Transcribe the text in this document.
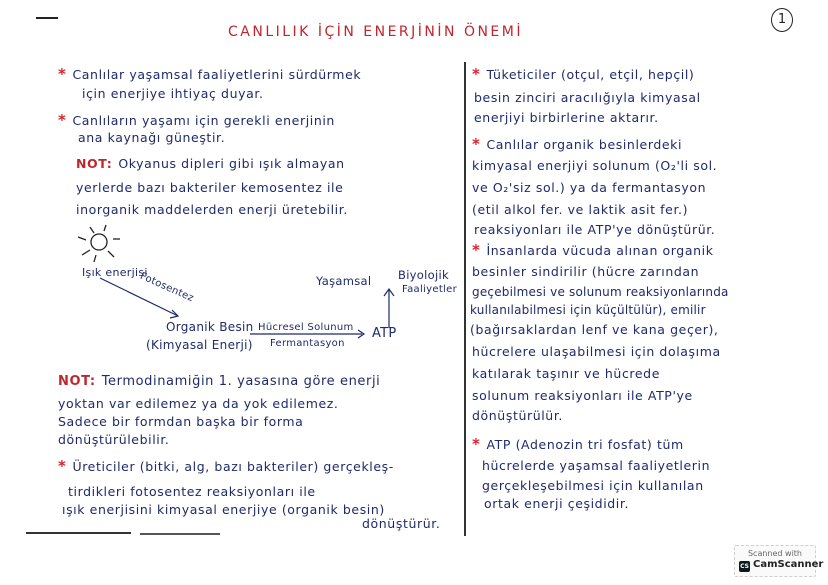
CANLILIK İÇİN ENERJİNİN ÖNEMİ
1
* Canlılar yaşamsal faaliyetlerini sürdürmek
için enerjiye ihtiyaç duyar.
* Canlıların yaşamı için gerekli enerjinin
ana kaynağı güneştir.
NOT: Okyanus dipleri gibi ışık almayan
yerlerde bazı bakteriler kemosentez ile
inorganik maddelerden enerji üretebilir.
Işık enerjisi
Fotosentez
Organik Besin
(Kimyasal Enerji)
Hücresel Solunum
Fermantasyon
ATP
Yaşamsal Biyolojik
Faaliyetler
NOT: Termodinamiğin 1. yasasına göre enerji
yoktan var edilemez ya da yok edilemez.
Sadece bir formdan başka bir forma
dönüştürülebilir.
* Üreticiler (bitki, alg, bazı bakteriler) gerçekleş-
tirdikleri fotosentez reaksiyonları ile
ışık enerjisini kimyasal enerjiye (organik besin)
dönüştürür.
* Tüketiciler (otçul, etçil, hepçil)
besin zinciri aracılığıyla kimyasal
enerjiyi birbirlerine aktarır.
* Canlılar organik besinlerdeki
kimyasal enerjiyi solunum (O₂'li sol.
ve O₂'siz sol.) ya da fermantasyon
(etil alkol fer. ve laktik asit fer.)
reaksiyonları ile ATP'ye dönüştürür.
* İnsanlarda vücuda alınan organik
besinler sindirilir (hücre zarından
geçebilmesi ve solunum reaksiyonlarında
kullanılabilmesi için küçültülür), emilir
(bağırsaklardan lenf ve kana geçer),
hücrelere ulaşabilmesi için dolaşıma
katılarak taşınır ve hücrede
solunum reaksiyonları ile ATP'ye
dönüştürülür.
* ATP (Adenozin tri fosfat) tüm
hücrelerde yaşamsal faaliyetlerin
gerçekleşebilmesi için kullanılan
ortak enerji çeşididir.
Scanned with
CS CamScanner
